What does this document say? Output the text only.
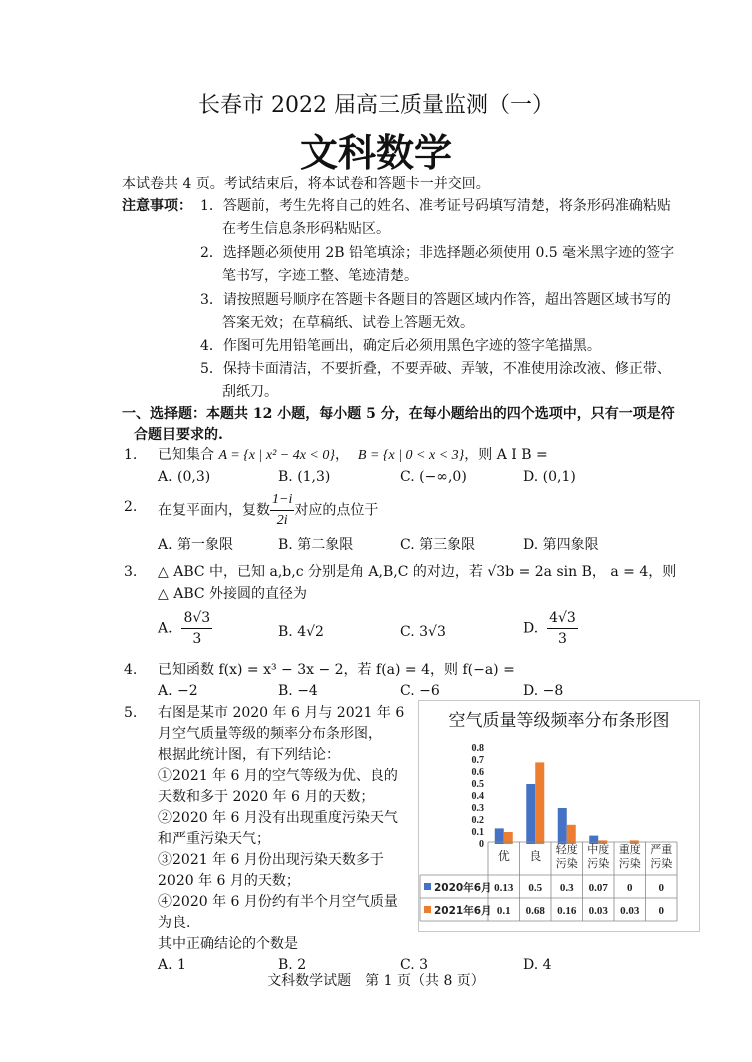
长春市 2022 届高三质量监测（一）
文科数学
本试卷共 4 页。考试结束后，将本试卷和答题卡一并交回。
注意事项： 1．答题前，考生先将自己的姓名、准考证号码填写清楚，将条形码准确粘贴
在考生信息条形码粘贴区。
2．选择题必须使用 2B 铅笔填涂；非选择题必须使用 0.5 毫米黑字迹的签字
笔书写，字迹工整、笔迹清楚。
3．请按照题号顺序在答题卡各题目的答题区域内作答，超出答题区域书写的
答案无效；在草稿纸、试卷上答题无效。
4．作图可先用铅笔画出，确定后必须用黑色字迹的签字笔描黑。
5．保持卡面清洁，不要折叠，不要弄破、弄皱，不准使用涂改液、修正带、
刮纸刀。
一、选择题：本题共 12 小题，每小题 5 分，在每小题给出的四个选项中，只有一项是符
合题目要求的.
1. 已知集合 A = {x | x² − 4x < 0}， B = {x | 0 < x < 3}，则 A I B =
A. (0,3)	B. (1,3)	C. (−∞,0)	D. (0,1)
2. 在复平面内，复数 $\frac{1-i}{2i}$ 对应的点位于
A. 第一象限	B. 第二象限	C. 第三象限	D. 第四象限
3. △ ABC 中，已知 a,b,c 分别是角 A,B,C 的对边，若 √3b = 2a sin B， a = 4，则
△ ABC 外接圆的直径为
A. $\frac{8√3}{3}$	B. 4√2	C. 3√3	D. $\frac{4√3}{3}$
4. 已知函数 f(x) = x³ − 3x − 2，若 f(a) = 4，则 f(−a) =
A. −2	B. −4	C. −6	D. −8
5. 右图是某市 2020 年 6 月与 2021 年 6
月空气质量等级的频率分布条形图，
根据此统计图，有下列结论：
①2021 年 6 月的空气等级为优、良的
天数和多于 2020 年 6 月的天数；
②2020 年 6 月没有出现重度污染天气
和严重污染天气；
③2021 年 6 月份出现污染天数多于
2020 年 6 月的天数；
④2020 年 6 月份约有半个月空气质量
为良.
其中正确结论的个数是
A. 1	B. 2	C. 3	D. 4
空气质量等级频率分布条形图
0.8
0.7
0.6
0.5
0.4
0.3
0.2
0.1
0
优 良 轻度
污染
中度
污染
重度
污染
严重
污染
2020年6月 0.13 0.5 0.3 0.07 0 0
2021年6月 0.1 0.68 0.16 0.03 0.03 0
文科数学试题　第 1 页（共 8 页）
